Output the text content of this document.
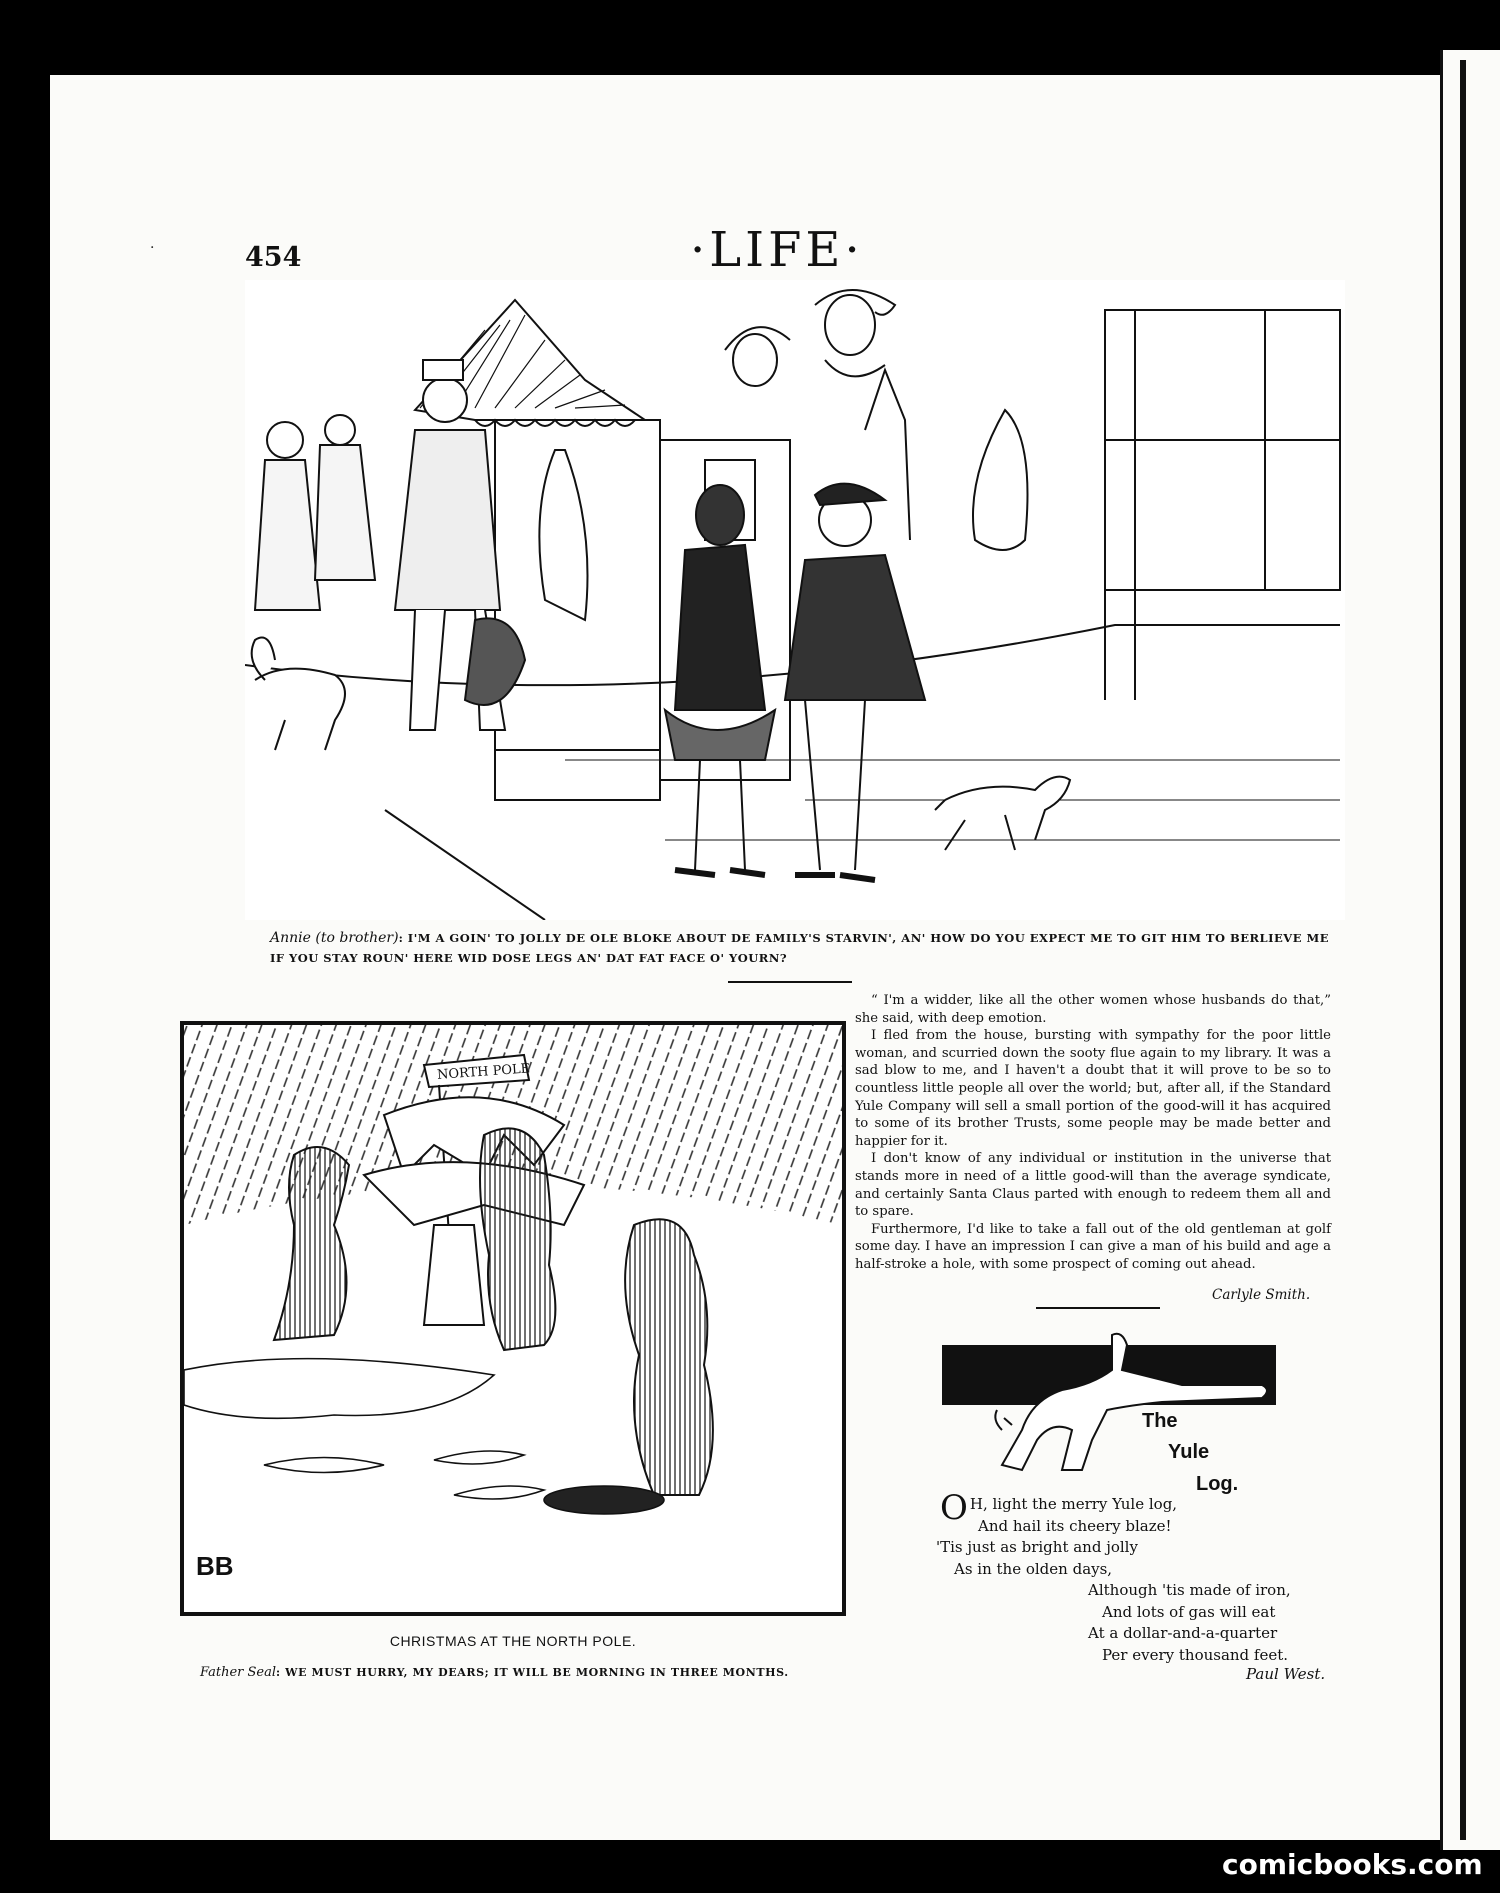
·	454	·LIFE·
Annie (to brother): I'M A GOIN' TO JOLLY DE OLE BLOKE ABOUT DE FAMILY'S STARVIN', AN' HOW DO YOU EXPECT ME TO GIT HIM TO BERLIEVE ME IF YOU STAY ROUN' HERE WID DOSE LEGS AN' DAT FAT FACE O' YOURN?
NORTH POLE
BB
CHRISTMAS AT THE NORTH POLE.
Father Seal: WE MUST HURRY, MY DEARS; IT WILL BE MORNING IN THREE MONTHS.

“ I'm a widder, like all the other women whose husbands do that,” she said, with deep emotion.

I fled from the house, bursting with sympathy for the poor little woman, and scurried down the sooty flue again to my library. It was a sad blow to me, and I haven't a doubt that it will prove to be so to countless little people all over the world; but, after all, if the Standard Yule Company will sell a small portion of the good-will it has acquired to some of its brother Trusts, some people may be made better and happier for it.

I don't know of any individual or institution in the universe that stands more in need of a little good-will than the average syndicate, and certainly Santa Claus parted with enough to redeem them all and to spare.

Furthermore, I'd like to take a fall out of the old gentleman at golf some day. I have an impression I can give a man of his build and age a half-stroke a hole, with some prospect of coming out ahead.

Carlyle Smith.
The
Yule
Log.
O H, light the merry Yule log,
And hail its cheery blaze!
'Tis just as bright and jolly
As in the olden days,
Although 'tis made of iron,
And lots of gas will eat
At a dollar-and-a-quarter
Per every thousand feet.
Paul West.
comicbooks.com
